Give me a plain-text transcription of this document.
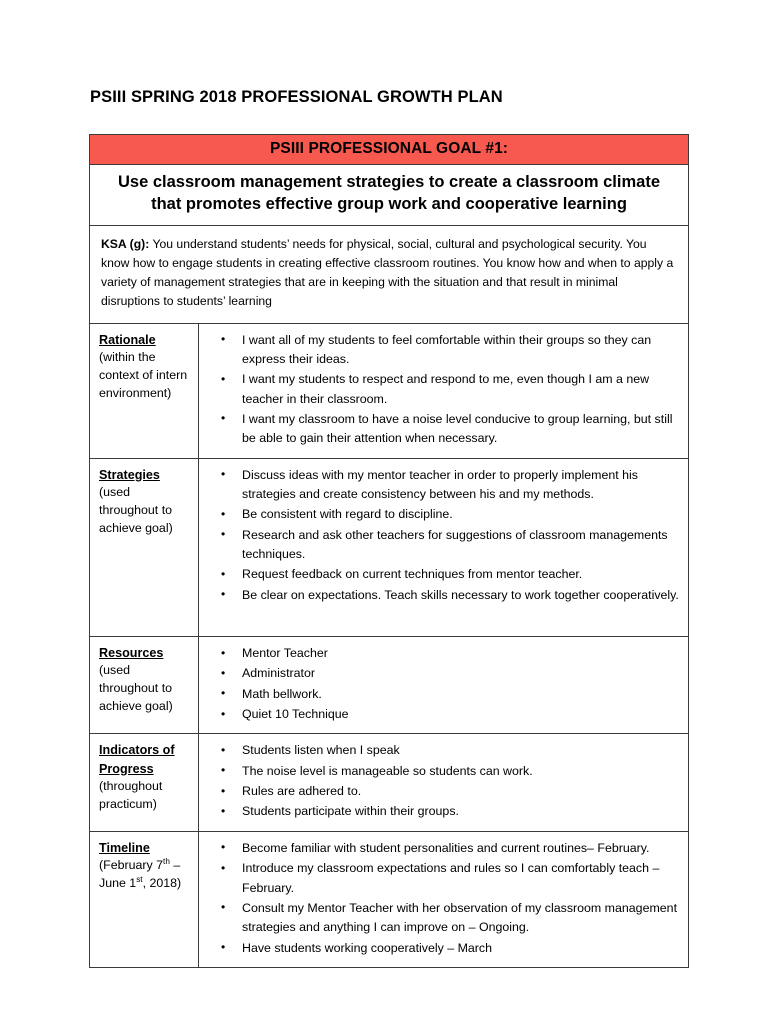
PSIII SPRING 2018 PROFESSIONAL GROWTH PLAN
PSIII PROFESSIONAL GOAL #1:	

Use classroom management strategies to create a classroom climate that promotes effective group work and cooperative learning	

KSA (g): You understand students’ needs for physical, social, cultural and psychological security. You know how to engage students in creating effective classroom routines. You know how and when to apply a variety of management strategies that are in keeping with the situation and that result in minimal disruptions to students’ learning	

Rationale
(within the context of intern environment)

• I want all of my students to feel comfortable within their groups so they can express their ideas.
• I want my students to respect and respond to me, even though I am a new teacher in their classroom.
• I want my classroom to have a noise level conducive to group learning, but still be able to gain their attention when necessary.

Strategies
(used throughout to achieve goal)

• Discuss ideas with my mentor teacher in order to properly implement his strategies and create consistency between his and my methods.
• Be consistent with regard to discipline.
• Research and ask other teachers for suggestions of classroom managements techniques.
• Request feedback on current techniques from mentor teacher.
• Be clear on expectations. Teach skills necessary to work together cooperatively.

Resources
(used throughout to achieve goal)

• Mentor Teacher
• Administrator
• Math bellwork.
• Quiet 10 Technique

Indicators of Progress
(throughout practicum)

• Students listen when I speak
• The noise level is manageable so students can work.
• Rules are adhered to.
• Students participate within their groups.

Timeline
(February 7th – June 1st, 2018)

• Become familiar with student personalities and current routines– February.
• Introduce my classroom expectations and rules so I can comfortably teach – February.
• Consult my Mentor Teacher with her observation of my classroom management strategies and anything I can improve on – Ongoing.
• Have students working cooperatively – March
